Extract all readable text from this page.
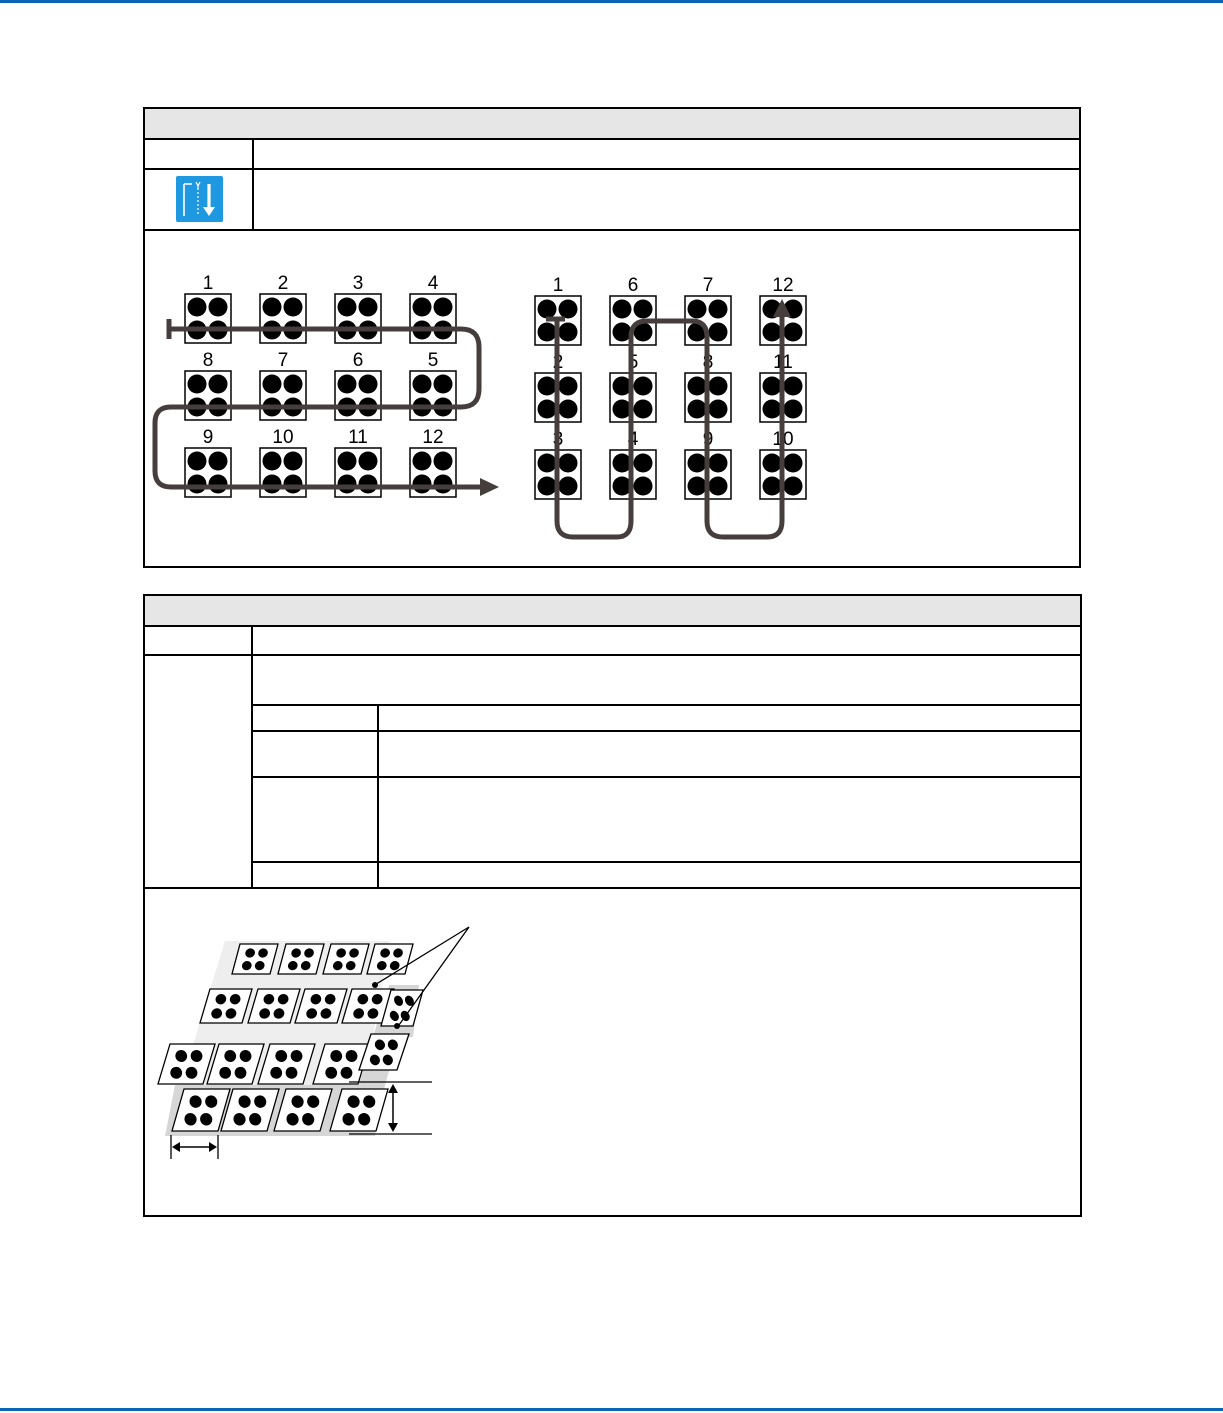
1	2	3	4
8	7	6	5
9	10	11	12
1	6	7	12
2	5	8	11
3	4	9	10
